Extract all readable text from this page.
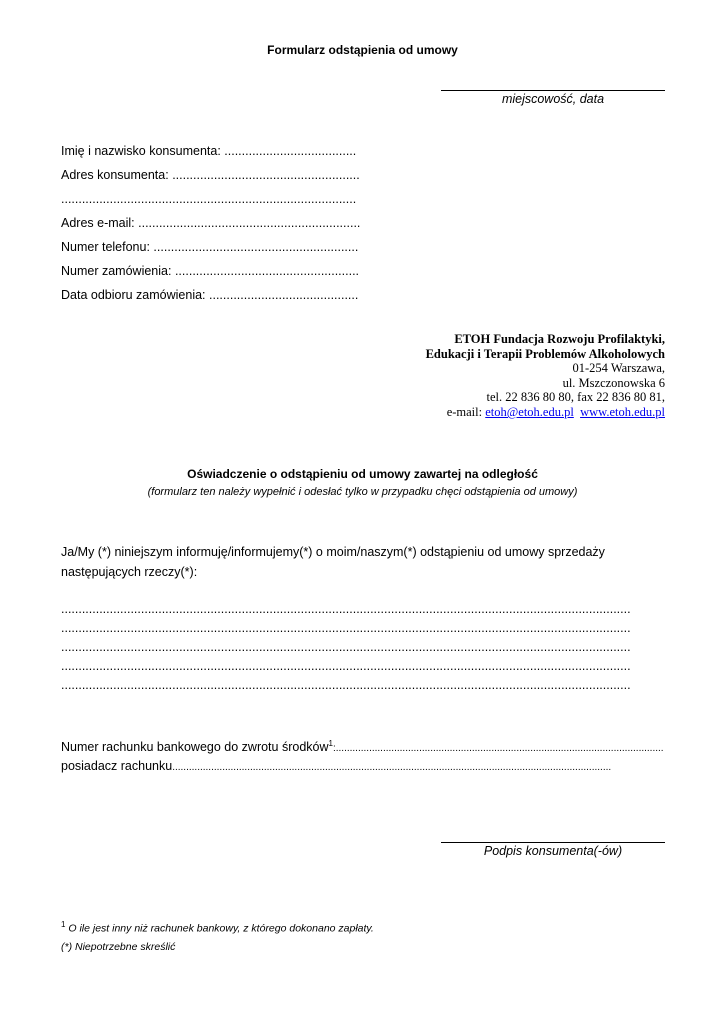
Formularz odstąpienia od umowy
miejscowość, data
Imię i nazwisko konsumenta: ......................................
Adres konsumenta: ......................................................
.....................................................................................
Adres e-mail: ................................................................
Numer telefonu: ...........................................................
Numer zamówienia: .....................................................
Data odbioru zamówienia: ...........................................
ETOH Fundacja Rozwoju Profilaktyki,
Edukacji i Terapii Problemów Alkoholowych
01-254 Warszawa,
ul. Mszczonowska 6
tel. 22 836 80 80, fax 22 836 80 81,
e-mail: etoh@etoh.edu.pl www.etoh.edu.pl
Oświadczenie o odstąpieniu od umowy zawartej na odległość
(formularz ten należy wypełnić i odesłać tylko w przypadku chęci odstąpienia od umowy)
Ja/My (*) niniejszym informuję/informujemy(*) o moim/naszym(*) odstąpieniu od umowy sprzedaży
następujących rzeczy(*):
....................................................................................................................................................................
....................................................................................................................................................................
....................................................................................................................................................................
....................................................................................................................................................................
....................................................................................................................................................................
Numer rachunku bankowego do zwrotu środków$^1$:......................................................................................................................
posiadacz rachunku..............................................................................................................................................................
Podpis konsumenta(-ów)
$^1$ O ile jest inny niż rachunek bankowy, z którego dokonano zapłaty.
(*) Niepotrzebne skreślić
